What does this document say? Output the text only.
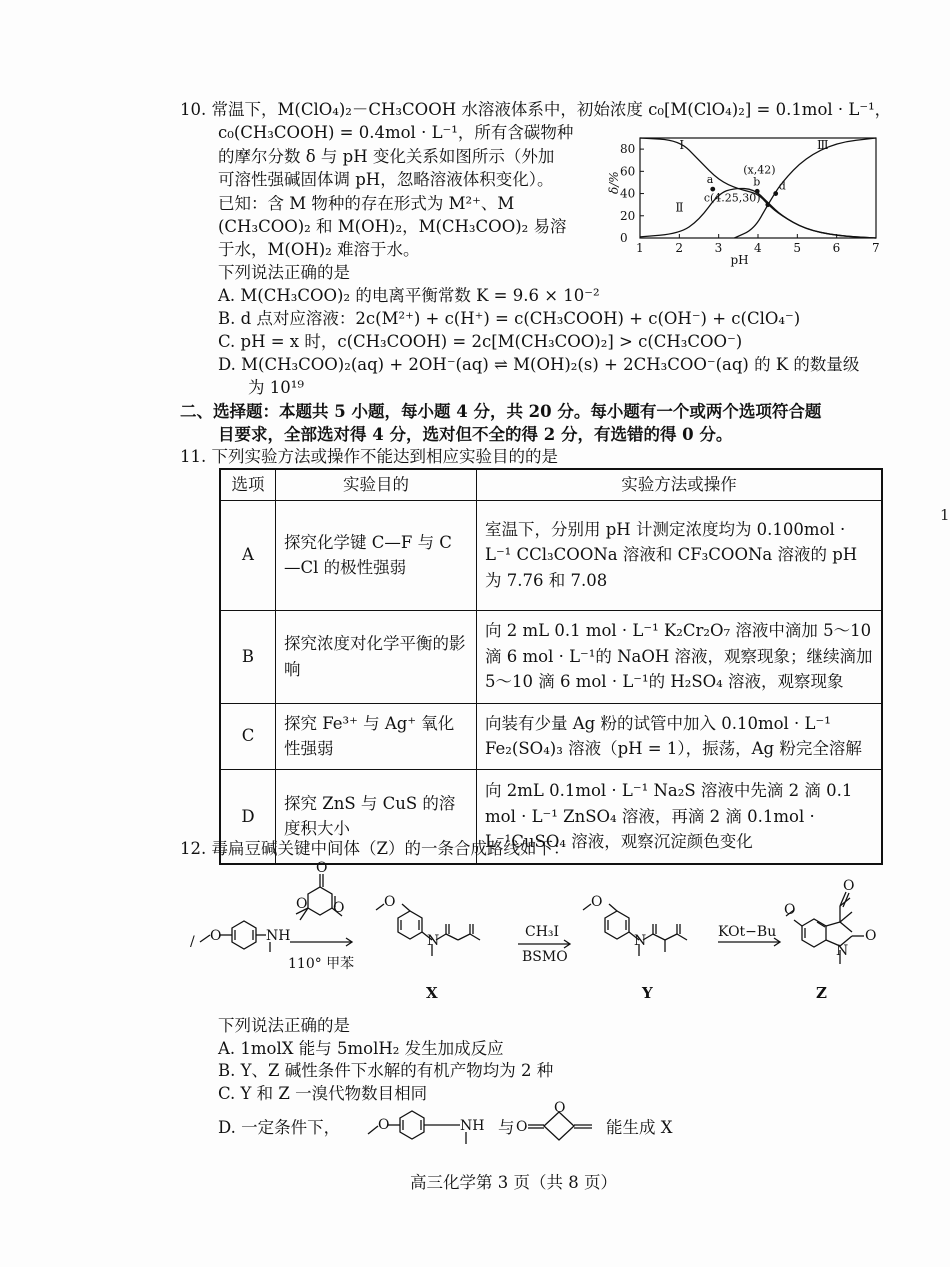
10. 常温下，M(ClO₄)₂－CH₃COOH 水溶液体系中，初始浓度 c₀[M(ClO₄)₂] = 0.1mol · L⁻¹，
c₀(CH₃COOH) = 0.4mol · L⁻¹，所有含碳物种
的摩尔分数 δ 与 pH 变化关系如图所示（外加
可溶性强碱固体调 pH，忽略溶液体积变化）。
已知：含 M 物种的存在形式为 M²⁺、M
(CH₃COO)₂ 和 M(OH)₂，M(CH₃COO)₂ 易溶
于水，M(OH)₂ 难溶于水。
下列说法正确的是
A. M(CH₃COO)₂ 的电离平衡常数 K = 9.6 × 10⁻²
B. d 点对应溶液：2c(M²⁺) + c(H⁺) = c(CH₃COOH) + c(OH⁻) + c(ClO₄⁻)
C. pH = x 时，c(CH₃COOH) = 2c[M(CH₃COO)₂] > c(CH₃COO⁻)
D. M(CH₃COO)₂(aq) + 2OH⁻(aq) ⇌ M(OH)₂(s) + 2CH₃COO⁻(aq) 的 K 的数量级
为 10¹⁹
1	2	3	4	5	6	7
0
20
40
60
80
pH
δ/%
Ⅰ
Ⅱ
Ⅲ
a	b
c(4.25,30)
d
(x,42)
二、选择题：本题共 5 小题，每小题 4 分，共 20 分。每小题有一个或两个选项符合题
目要求，全部选对得 4 分，选对但不全的得 2 分，有选错的得 0 分。
11. 下列实验方法或操作不能达到相应实验目的的是
选项	实验目的	实验方法或操作
A	探究化学键 C—F 与 C—Cl 的极性强弱	室温下，分别用 pH 计测定浓度均为 0.100mol · L⁻¹ CCl₃COONa 溶液和 CF₃COONa 溶液的 pH 为 7.76 和 7.08
B	探究浓度对化学平衡的影响	向 2 mL 0.1 mol · L⁻¹ K₂Cr₂O₇ 溶液中滴加 5～10 滴 6 mol · L⁻¹的 NaOH 溶液，观察现象；继续滴加 5～10 滴 6 mol · L⁻¹的 H₂SO₄ 溶液，观察现象
C	探究 Fe³⁺ 与 Ag⁺ 氧化性强弱	向装有少量 Ag 粉的试管中加入 0.10mol · L⁻¹ Fe₂(SO₄)₃ 溶液（pH = 1），振荡，Ag 粉完全溶解
D	探究 ZnS 与 CuS 的溶度积大小	向 2mL 0.1mol · L⁻¹ Na₂S 溶液中先滴 2 滴 0.1 mol · L⁻¹ ZnSO₄ 溶液，再滴 2 滴 0.1mol · L⁻¹CuSO₄ 溶液，观察沉淀颜色变化
12. 毒扁豆碱关键中间体（Z）的一条合成路线如下：
/ O	NH
O
O
O	O
N
O
N
O
O
O
N
110° 甲苯
CH₃I
BSMO
KOt−Bu
X	Y	Z
下列说法正确的是
A. 1molX 能与 5molH₂ 发生加成反应
B. Y、Z 碱性条件下水解的有机产物均为 2 种
C. Y 和 Z 一溴代物数目相同
D. 一定条件下，	O	NH 与 O
O
能生成 X
高三化学第 3 页（共 8 页）
1
